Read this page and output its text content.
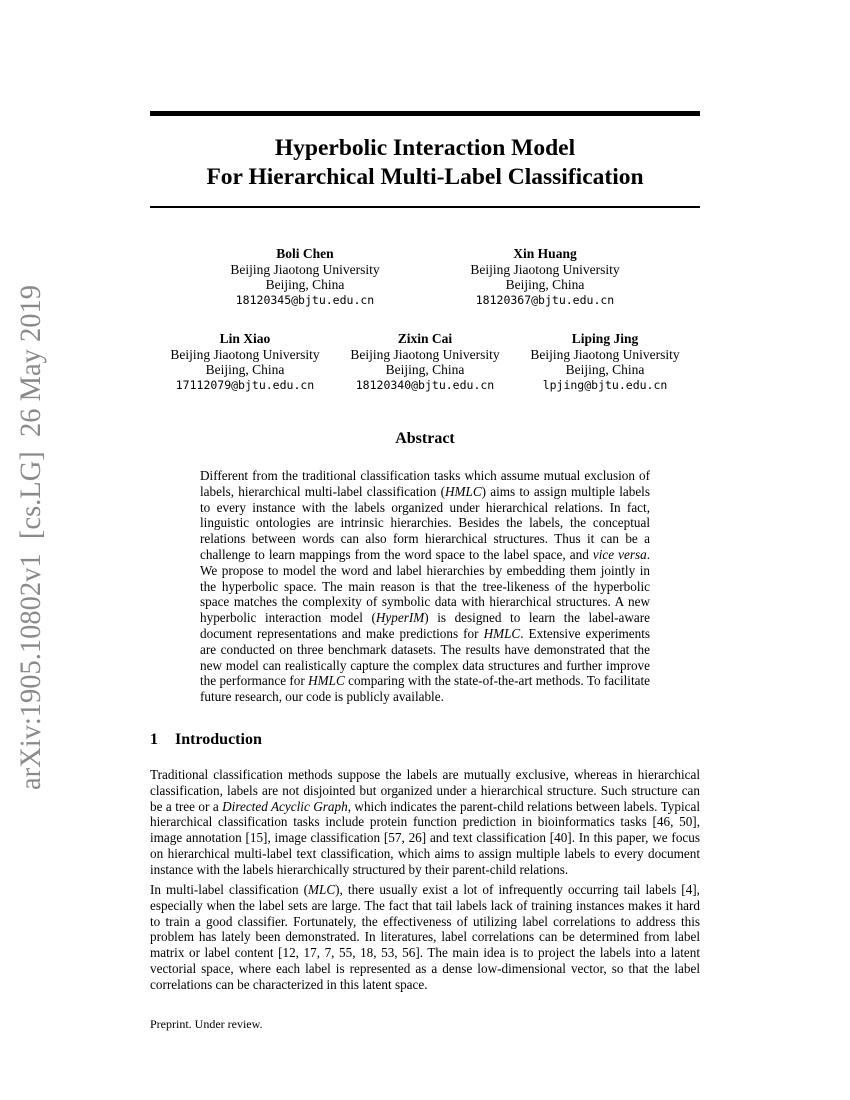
arXiv:1905.10802v1  [cs.LG]  26 May 2019
Hyperbolic Interaction Model
For Hierarchical Multi-Label Classification
Boli Chen
Beijing Jiaotong University
Beijing, China
18120345@bjtu.edu.cn
Xin Huang
Beijing Jiaotong University
Beijing, China
18120367@bjtu.edu.cn
Lin Xiao
Beijing Jiaotong University
Beijing, China
17112079@bjtu.edu.cn
Zixin Cai
Beijing Jiaotong University
Beijing, China
18120340@bjtu.edu.cn
Liping Jing
Beijing Jiaotong University
Beijing, China
lpjing@bjtu.edu.cn
Abstract
Different from the traditional classification tasks which assume mutual exclusion of labels, hierarchical multi-label classification (HMLC) aims to assign multiple labels to every instance with the labels organized under hierarchical relations. In fact, linguistic ontologies are intrinsic hierarchies. Besides the labels, the conceptual relations between words can also form hierarchical structures. Thus it can be a challenge to learn mappings from the word space to the label space, and vice versa. We propose to model the word and label hierarchies by embedding them jointly in the hyperbolic space. The main reason is that the tree-likeness of the hyperbolic space matches the complexity of symbolic data with hierarchical structures. A new hyperbolic interaction model (HyperIM) is designed to learn the label-aware document representations and make predictions for HMLC. Extensive experiments are conducted on three benchmark datasets. The results have demonstrated that the new model can realistically capture the complex data structures and further improve the performance for HMLC comparing with the state-of-the-art methods. To facilitate future research, our code is publicly available.
1 Introduction
Traditional classification methods suppose the labels are mutually exclusive, whereas in hierarchical classification, labels are not disjointed but organized under a hierarchical structure. Such structure can be a tree or a Directed Acyclic Graph, which indicates the parent-child relations between labels. Typical hierarchical classification tasks include protein function prediction in bioinformatics tasks [46, 50], image annotation [15], image classification [57, 26] and text classification [40]. In this paper, we focus on hierarchical multi-label text classification, which aims to assign multiple labels to every document instance with the labels hierarchically structured by their parent-child relations.
In multi-label classification (MLC), there usually exist a lot of infrequently occurring tail labels [4], especially when the label sets are large. The fact that tail labels lack of training instances makes it hard to train a good classifier. Fortunately, the effectiveness of utilizing label correlations to address this problem has lately been demonstrated. In literatures, label correlations can be determined from label matrix or label content [12, 17, 7, 55, 18, 53, 56]. The main idea is to project the labels into a latent vectorial space, where each label is represented as a dense low-dimensional vector, so that the label correlations can be characterized in this latent space.
Preprint. Under review.
